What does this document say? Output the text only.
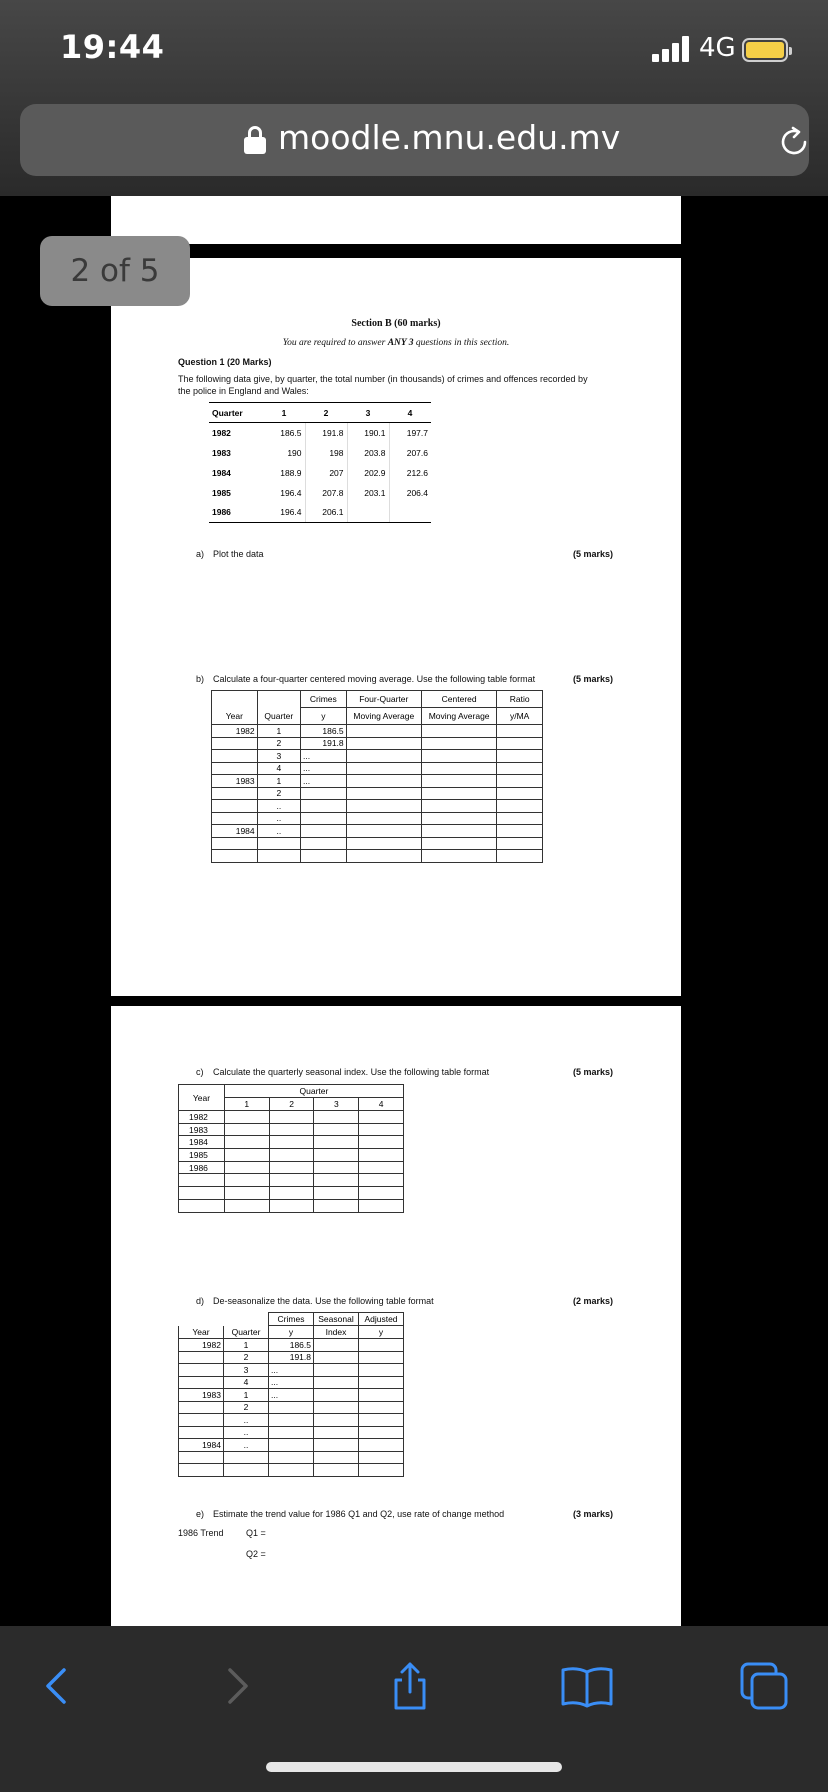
19:44	4G
moodle.mnu.edu.mv
Section B (60 marks)
You are required to answer ANY 3 questions in this section.
Question 1 (20 Marks)
The following data give, by quarter, the total number (in thousands) of crimes and offences recorded by
the police in England and Wales:
Quarter	1	2	3	4
1982	186.5	191.8	190.1	197.7
1983	190	198	203.8	207.6
1984	188.9	207	202.9	212.6
1985	196.4	207.8	203.1	206.4
1986	196.4	206.1		
a) Plot the data	(5 marks)
b) Calculate a four-quarter centered moving average. Use the following table format	(5 marks)
		Crimes	Four-Quarter	Centered	Ratio
Year	Quarter	y	Moving Average	Moving Average	y/MA
1982	1	186.5			
	2	191.8			
	3	...			
	4	...			
1983	1	...			
	2				
	..				
	..				
1984	..				

c) Calculate the quarterly seasonal index. Use the following table format	(5 marks)
Year	Quarter			
	1	2	3	4
1982				
1983				
1984				
1985				
1986				

d) De-seasonalize the data. Use the following table format	(2 marks)
		Crimes	Seasonal	Adjusted
Year	Quarter	y	Index	y
1982	1	186.5		
	2	191.8		
	3	...		
	4	...		
1983	1	...		
	2			
	..			
	..			
1984	..			

e) Estimate the trend value for 1986 Q1 and Q2, use rate of change method	(3 marks)
1986 Trend Q1 =
Q2 =
2 of 5
